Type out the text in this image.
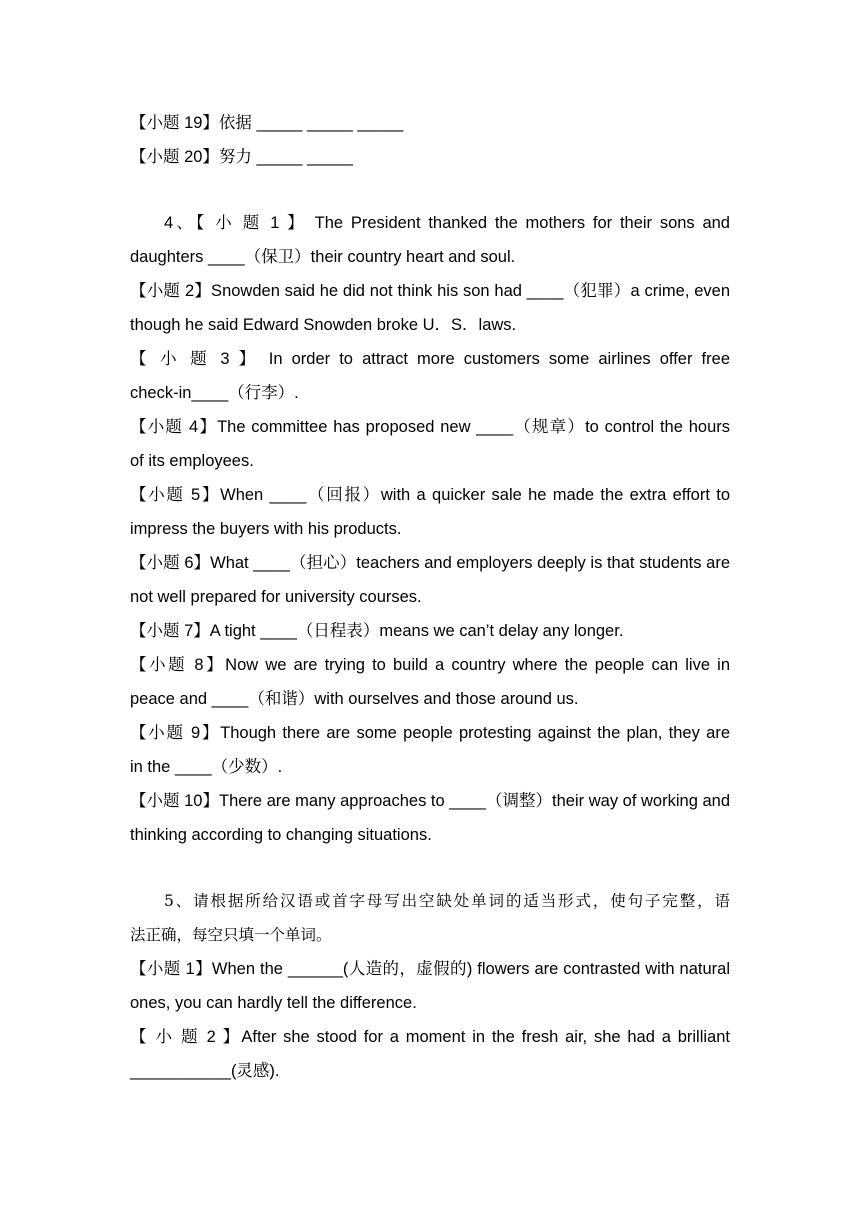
【小题 19】依据 _____ _____ _____
【小题 20】努力 _____ _____
4、【 小 题 1 】 The President thanked the mothers for their sons and
daughters ____（保卫）their country heart and soul.
【小题 2】Snowden said he did not think his son had ____（犯罪）a crime, even
though he said Edward Snowden broke U．S．laws.
【 小 题 3 】 In order to attract more customers some airlines offer free
check-in____（行李）.
【小题 4】The committee has proposed new ____（规章）to control the hours
of its employees.
【小题 5】When ____（回报）with a quicker sale he made the extra effort to
impress the buyers with his products.
【小题 6】What ____（担心）teachers and employers deeply is that students are
not well prepared for university courses.
【小题 7】A tight ____（日程表）means we can’t delay any longer.
【小题 8】Now we are trying to build a country where the people can live in
peace and ____（和谐）with ourselves and those around us.
【小题 9】Though there are some people protesting against the plan, they are
in the ____（少数）.
【小题 10】There are many approaches to ____（调整）their way of working and
thinking according to changing situations.
5、请根据所给汉语或首字母写出空缺处单词的适当形式，使句子完整，语
法正确，每空只填一个单词。
【小题 1】When the ______(人造的，虚假的) flowers are contrasted with natural
ones, you can hardly tell the difference.
【 小 题 2 】After she stood for a moment in the fresh air, she had a brilliant
___________(灵感).
